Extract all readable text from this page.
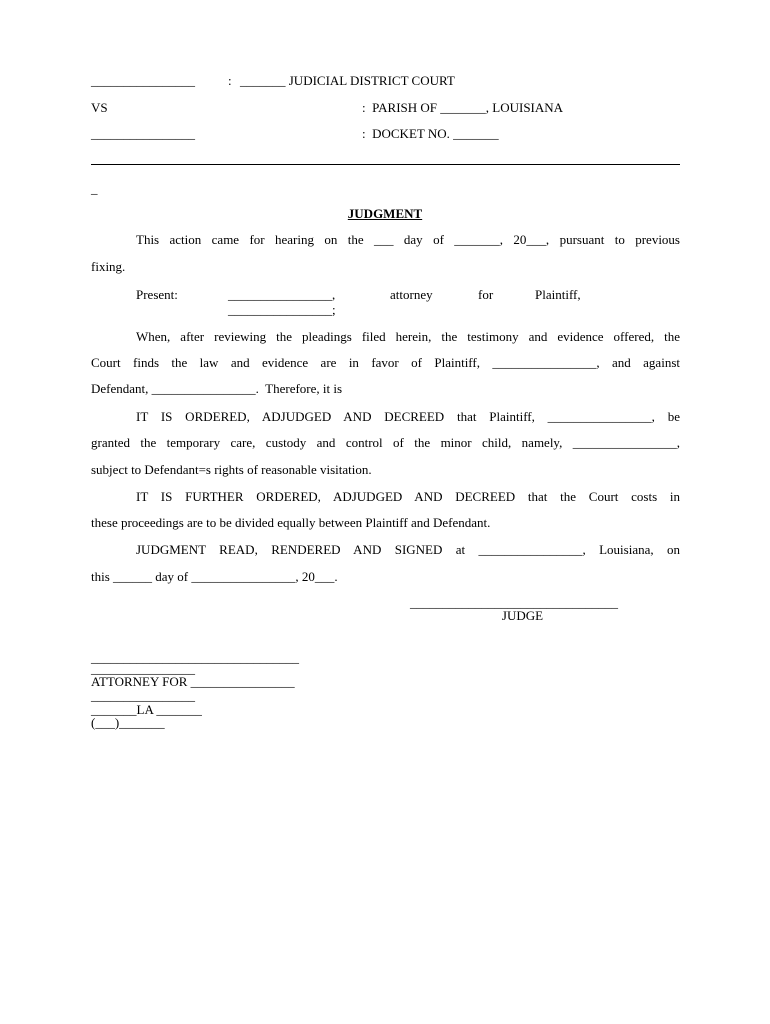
________________	: _______ JUDICIAL DISTRICT COURT
VS	:  PARISH OF _______, LOUISIANA
________________	:  DOCKET NO. _______
_
JUDGMENT
This action came for hearing on the ___ day of _______, 20___, pursuant to previous
fixing.
Present:	________________,	attorney	for	Plaintiff,
________________;
When, after reviewing the pleadings filed herein, the testimony and evidence offered, the
Court finds the law and evidence are in favor of Plaintiff, ________________, and against
Defendant, ________________.  Therefore, it is
IT IS ORDERED, ADJUDGED AND DECREED that Plaintiff, ________________, be
granted the temporary care, custody and control of the minor child, namely, ________________,
subject to Defendant=s rights of reasonable visitation.
IT IS FURTHER ORDERED, ADJUDGED AND DECREED that the Court costs in
these proceedings are to be divided equally between Plaintiff and Defendant.
JUDGMENT READ, RENDERED AND SIGNED at ________________, Louisiana, on
this ______ day of ________________, 20___.
________________________________
JUDGE
________________________________
________________
ATTORNEY FOR ________________
________________
_______LA _______
(___)_______
